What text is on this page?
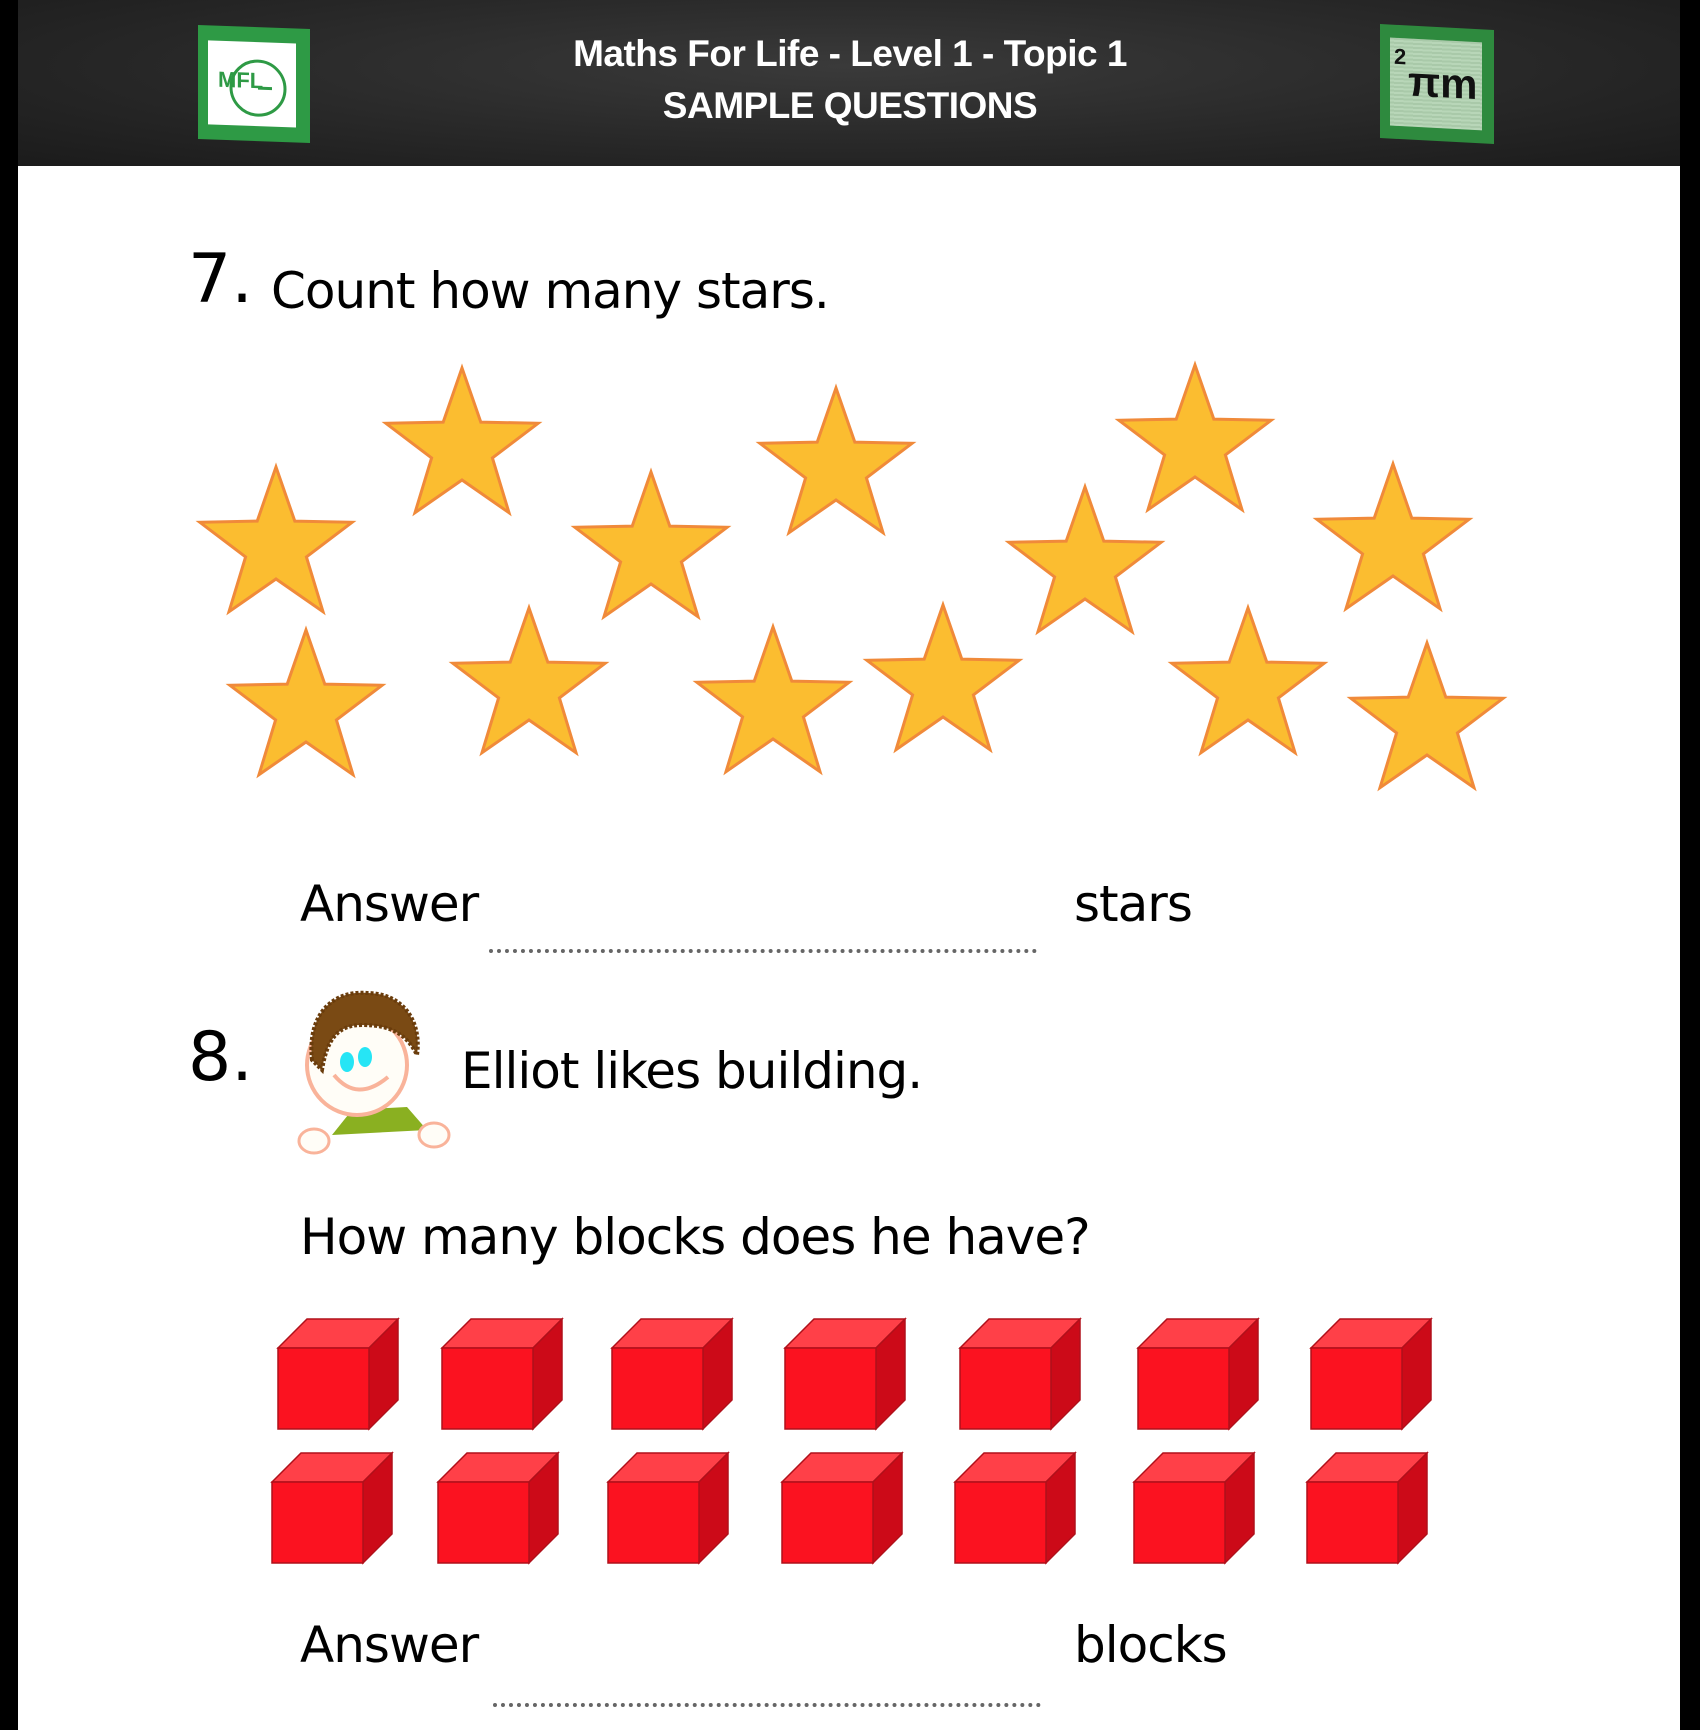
MFL
Maths For Life - Level 1 - Topic 1
SAMPLE QUESTIONS	πm
$^2$
7. Count how many stars.
Answer	stars
8.	Elliot likes building.
How many blocks does he have?
Answer	blocks
